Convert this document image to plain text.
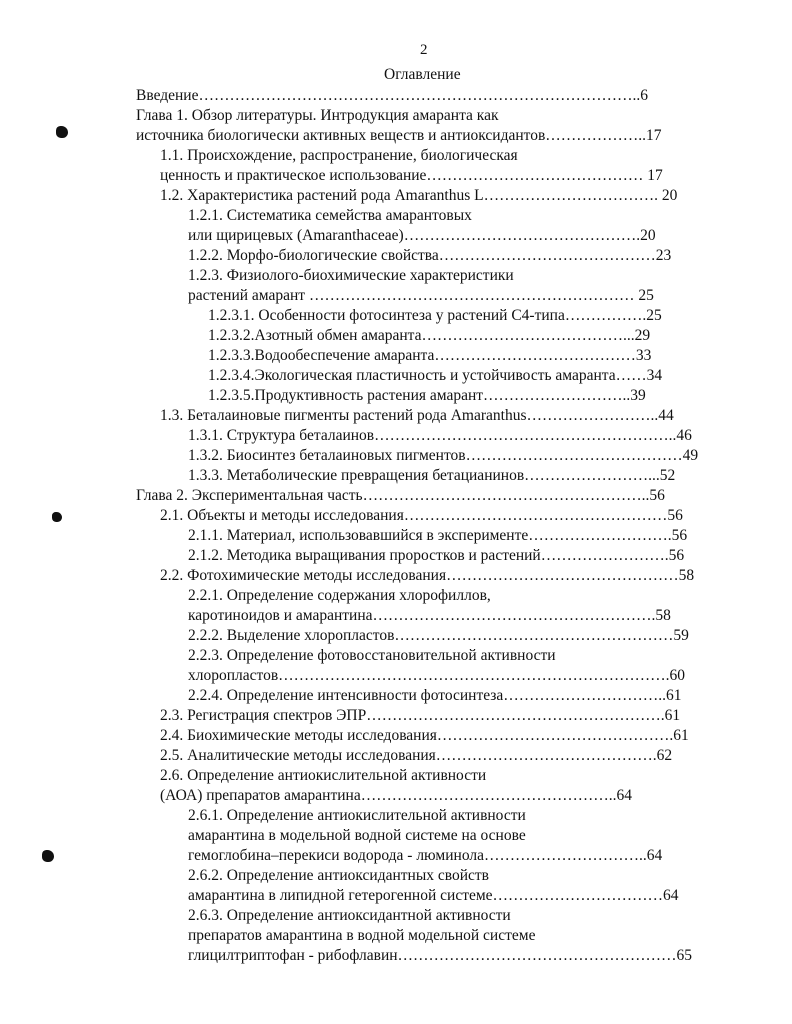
2
Оглавление
Введение…………………………………………………………………………..6
Глава 1. Обзор литературы. Интродукция амаранта как
источника биологически активных веществ и антиоксидантов………………..17
1.1. Происхождение, распространение, биологическая
ценность и практическое использование…………………………………… 17
1.2. Характеристика растений рода Amaranthus L……………………………. 20
1.2.1. Систематика семейства амарантовых
или щирицевых (Amaranthaceae)……………………………………….20
1.2.2. Морфо-биологические свойства……………………………………23
1.2.3. Физиолого-биохимические характеристики
растений амарант ……………………………………………………… 25
1.2.3.1. Особенности фотосинтеза у растений C4-типа…………….25
1.2.3.2.Азотный обмен амаранта…………………………………...29
1.2.3.3.Водообеспечение амаранта…………………………………33
1.2.3.4.Экологическая пластичность и устойчивость амаранта……34
1.2.3.5.Продуктивность растения амарант………………………..39
1.3. Беталаиновые пигменты растений рода Amaranthus……………………..44
1.3.1. Структура беталаинов…………………………………………………..46
1.3.2. Биосинтез беталаиновых пигментов……………………………………49
1.3.3. Метаболические превращения бетацианинов……………………...52
Глава 2. Экспериментальная часть………………………………………………..56
2.1. Объекты и методы исследования……………………………………………56
2.1.1. Материал, использовавшийся в эксперименте……………………….56
2.1.2. Методика выращивания проростков и растений…………………….56
2.2. Фотохимические методы исследования………………………………………58
2.2.1. Определение содержания хлорофиллов,
каротиноидов и амарантина……………………………………………….58
2.2.2. Выделение хлоропластов………………………………………………59
2.2.3. Определение фотовосстановительной активности
хлоропластов………………………………………………………………….60
2.2.4. Определение интенсивности фотосинтеза…………………………..61
2.3. Регистрация спектров ЭПР………………………………………………….61
2.4. Биохимические методы исследования……………………………………….61
2.5. Аналитические методы исследования…………………………………….62
2.6. Определение антиокислительной активности
(АОА) препаратов амарантина…………………………………………..64
2.6.1. Определение антиокислительной активности
амарантина в модельной водной системе на основе
гемоглобина–перекиси водорода - люминола…………………………..64
2.6.2. Определение антиоксидантных свойств
амарантина в липидной гетерогенной системе……………………………64
2.6.3. Определение антиоксидантной активности
препаратов амарантина в водной модельной системе
глицилтриптофан - рибофлавин………………………………………………65
